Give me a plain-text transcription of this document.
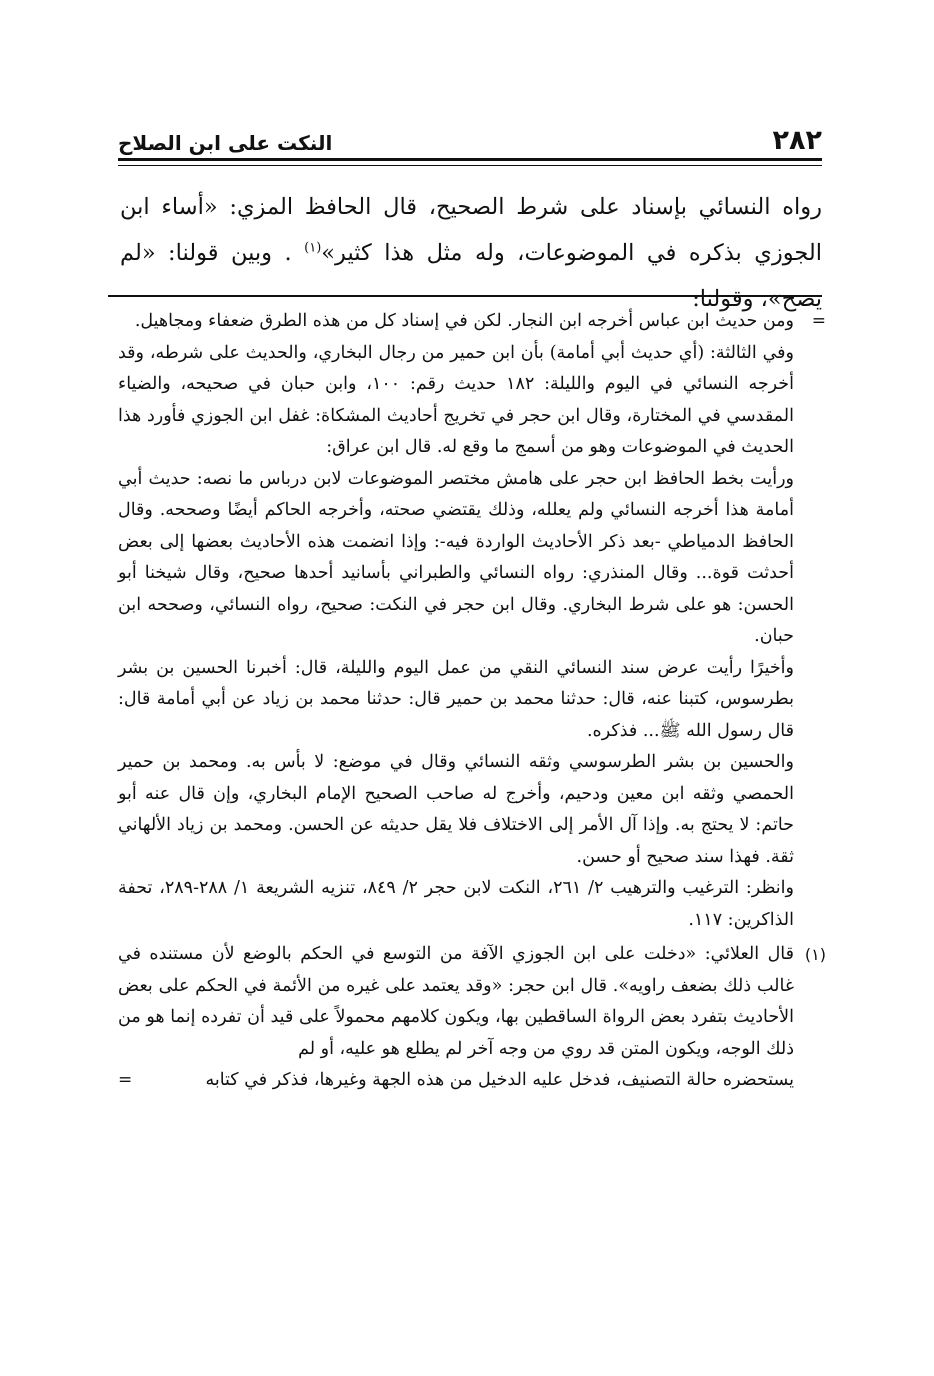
٢٨٢
النكت على ابن الصلاح

رواه النسائي بإسناد على شرط الصحيح، قال الحافظ المزي: «أساء ابن الجوزي بذكره في الموضوعات، وله مثل هذا كثير»$^{(١)}$ . وبين قولنا: «لم يصح»، وقولنا:

=

ومن حديث ابن عباس أخرجه ابن النجار. لكن في إسناد كل من هذه الطرق ضعفاء ومجاهيل.

وفي الثالثة: (أي حديث أبي أمامة) بأن ابن حمير من رجال البخاري، والحديث على شرطه، وقد أخرجه النسائي في اليوم والليلة: ١٨٢ حديث رقم: ١٠٠، وابن حبان في صحيحه، والضياء المقدسي في المختارة، وقال ابن حجر في تخريج أحاديث المشكاة: غفل ابن الجوزي فأورد هذا الحديث في الموضوعات وهو من أسمج ما وقع له. قال ابن عراق:

ورأيت بخط الحافظ ابن حجر على هامش مختصر الموضوعات لابن درباس ما نصه: حديث أبي أمامة هذا أخرجه النسائي ولم يعلله، وذلك يقتضي صحته، وأخرجه الحاكم أيضًا وصححه. وقال الحافظ الدمياطي -بعد ذكر الأحاديث الواردة فيه-: وإذا انضمت هذه الأحاديث بعضها إلى بعض أحدثت قوة... وقال المنذري: رواه النسائي والطبراني بأسانيد أحدها صحيح، وقال شيخنا أبو الحسن: هو على شرط البخاري. وقال ابن حجر في النكت: صحيح، رواه النسائي، وصححه ابن حبان.

وأخيرًا رأيت عرض سند النسائي النقي من عمل اليوم والليلة، قال: أخبرنا الحسين بن بشر بطرسوس، كتبنا عنه، قال: حدثنا محمد بن حمير قال: حدثنا محمد بن زياد عن أبي أمامة قال: قال رسول الله ﷺ... فذكره.

والحسين بن بشر الطرسوسي وثقه النسائي وقال في موضع: لا بأس به. ومحمد بن حمير الحمصي وثقه ابن معين ودحيم، وأخرج له صاحب الصحيح الإمام البخاري، وإن قال عنه أبو حاتم: لا يحتج به. وإذا آل الأمر إلى الاختلاف فلا يقل حديثه عن الحسن. ومحمد بن زياد الألهاني ثقة. فهذا سند صحيح أو حسن.

وانظر: الترغيب والترهيب ٢/ ٢٦١، النكت لابن حجر ٢/ ٨٤٩، تنزيه الشريعة ١/ ٢٨٨-٢٨٩، تحفة الذاكرين: ١١٧.

(١)

قال العلائي: «دخلت على ابن الجوزي الآفة من التوسع في الحكم بالوضع لأن مستنده في غالب ذلك بضعف راويه». قال ابن حجر: «وقد يعتمد على غيره من الأئمة في الحكم على بعض الأحاديث بتفرد بعض الرواة الساقطين بها، ويكون كلامهم محمولاً على قيد أن تفرده إنما هو من ذلك الوجه، ويكون المتن قد روي من وجه آخر لم يطلع هو عليه، أو لم

يستحضره حالة التصنيف، فدخل عليه الدخيل من هذه الجهة وغيرها، فذكر في كتابه
=
